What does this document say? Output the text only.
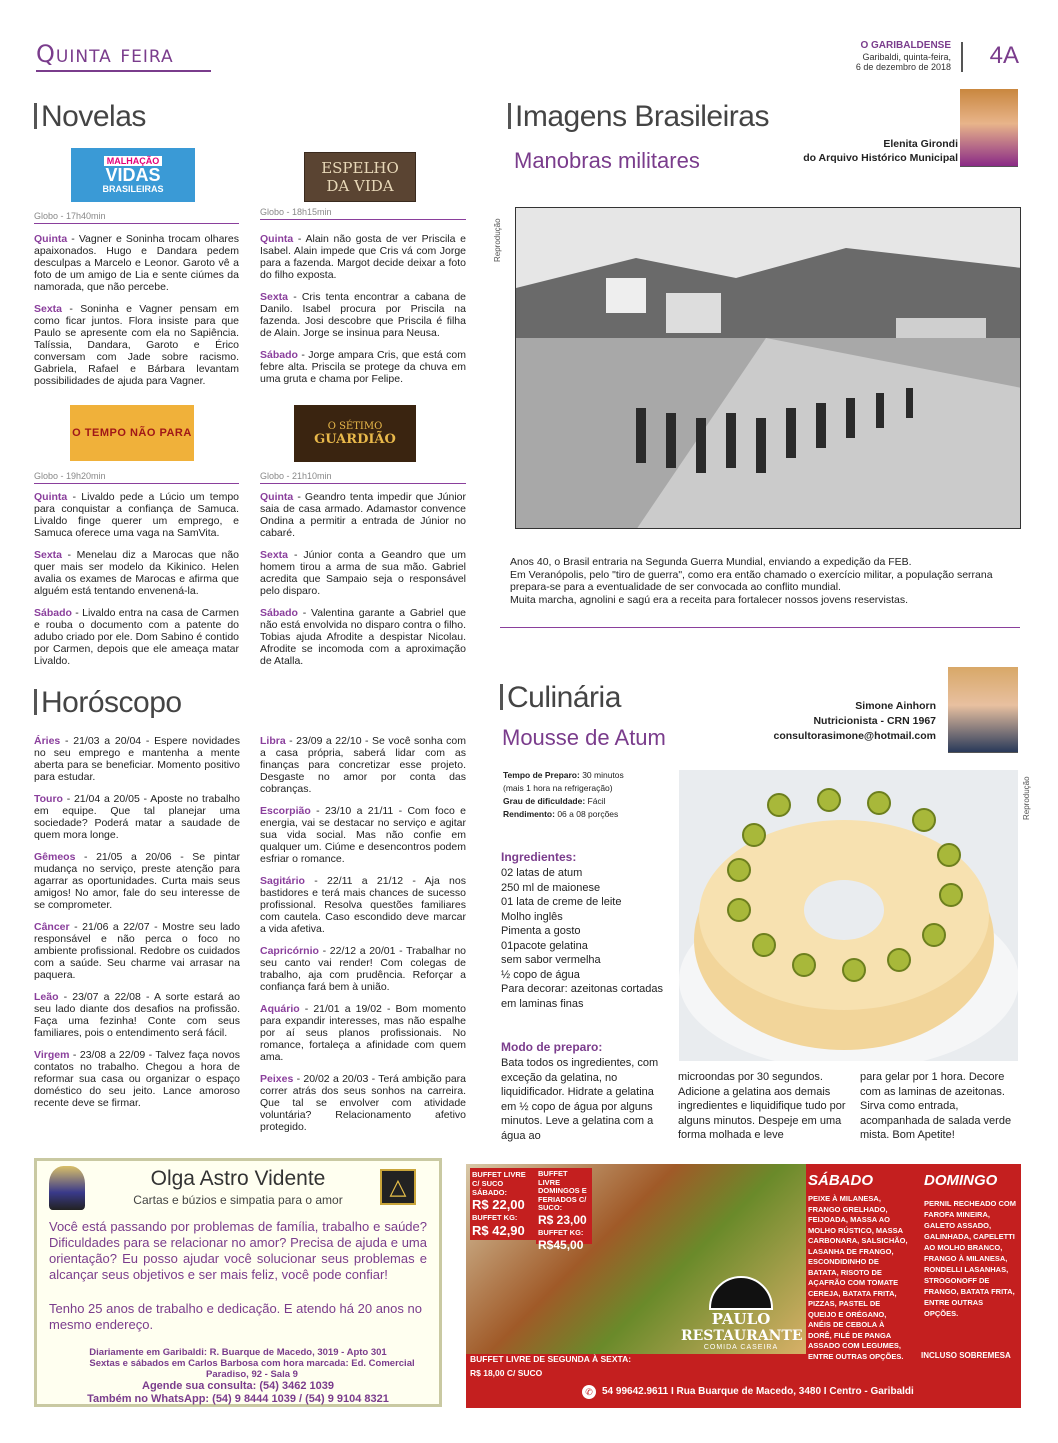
Quinta feira	O GARIBALDENSE
Garibaldi, quinta-feira,
6 de dezembro de 2018 4A
Novelas
MALHAÇÃO
VIDAS
BRASILEIRAS
Globo - 17h40min

Quinta - Vagner e Soninha trocam olhares apaixonados. Hugo e Dandara pedem desculpas a Marcelo e Leonor. Garoto vê a foto de um amigo de Lia e sente ciúmes da namorada, que não percebe.

Sexta - Soninha e Vagner pensam em como ficar juntos. Flora insiste para que Paulo se apresente com ela no Sapiência. Talíssia, Dandara, Garoto e Érico conversam com Jade sobre racismo. Gabriela, Rafael e Bárbara levantam possibilidades de ajuda para Vagner.

ESPELHO
DA VIDA
Globo - 18h15min

Quinta - Alain não gosta de ver Priscila e Isabel. Alain impede que Cris vá com Jorge para a fazenda. Margot decide deixar a foto do filho exposta.

Sexta - Cris tenta encontrar a cabana de Danilo. Isabel procura por Priscila na fazenda. Josi descobre que Priscila é filha de Alain. Jorge se insinua para Neusa.

Sábado - Jorge ampara Cris, que está com febre alta. Priscila se protege da chuva em uma gruta e chama por Felipe.

O TEMPO NÃO PARA
Globo - 19h20min

Quinta - Livaldo pede a Lúcio um tempo para conquistar a confiança de Samuca. Livaldo finge querer um emprego, e Samuca oferece uma vaga na SamVita.

Sexta - Menelau diz a Marocas que não quer mais ser modelo da Kikinico. Helen avalia os exames de Marocas e afirma que alguém está tentando envenená-la.

Sábado - Livaldo entra na casa de Carmen e rouba o documento com a patente do adubo criado por ele. Dom Sabino é contido por Carmen, depois que ele ameaça matar Livaldo.

O SÉTIMO
GUARDIÃO
Globo - 21h10min

Quinta - Geandro tenta impedir que Júnior saia de casa armado. Adamastor convence Ondina a permitir a entrada de Júnior no cabaré.

Sexta - Júnior conta a Geandro que um homem tirou a arma de sua mão. Gabriel acredita que Sampaio seja o responsável pelo disparo.

Sábado - Valentina garante a Gabriel que não está envolvida no disparo contra o filho. Tobias ajuda Afrodite a despistar Nicolau. Afrodite se incomoda com a aproximação de Atalla.

Horóscopo

Áries - 21/03 a 20/04 - Espere novidades no seu emprego e mantenha a mente aberta para se beneficiar. Momento positivo para estudar.

Touro - 21/04 a 20/05 - Aposte no trabalho em equipe. Que tal planejar uma sociedade? Poderá matar a saudade de quem mora longe.

Gêmeos - 21/05 a 20/06 - Se pintar mudança no serviço, preste atenção para agarrar as oportunidades. Curta mais seus amigos! No amor, fale do seu interesse de se comprometer.

Câncer - 21/06 a 22/07 - Mostre seu lado responsável e não perca o foco no ambiente profissional. Redobre os cuidados com a saúde. Seu charme vai arrasar na paquera.

Leão - 23/07 a 22/08 - A sorte estará ao seu lado diante dos desafios na profissão. Faça uma fezinha! Conte com seus familiares, pois o entendimento será fácil.

Virgem - 23/08 a 22/09 - Talvez faça novos contatos no trabalho. Chegou a hora de reformar sua casa ou organizar o espaço doméstico do seu jeito. Lance amoroso recente deve se firmar.

Libra - 23/09 a 22/10 - Se você sonha com a casa própria, saberá lidar com as finanças para concretizar esse projeto. Desgaste no amor por conta das cobranças.

Escorpião - 23/10 a 21/11 - Com foco e energia, vai se destacar no serviço e agitar sua vida social. Mas não confie em qualquer um. Ciúme e desencontros podem esfriar o romance.

Sagitário - 22/11 a 21/12 - Aja nos bastidores e terá mais chances de sucesso profissional. Resolva questões familiares com cautela. Caso escondido deve marcar a vida afetiva.

Capricórnio - 22/12 a 20/01 - Trabalhar no seu canto vai render! Com colegas de trabalho, aja com prudência. Reforçar a confiança fará bem à união.

Aquário - 21/01 a 19/02 - Bom momento para expandir interesses, mas não espalhe por aí seus planos profissionais. No romance, fortaleça a afinidade com quem ama.

Peixes - 20/02 a 20/03 - Terá ambição para correr atrás dos seus sonhos na carreira. Que tal se envolver com atividade voluntária? Relacionamento afetivo protegido.

Imagens Brasileiras
Manobras militares
Elenita Girondi
do Arquivo Histórico Municipal
Reprodução
Anos 40, o Brasil entraria na Segunda Guerra Mundial, enviando a expedição da FEB.
Em Veranópolis, pelo "tiro de guerra", como era então chamado o exercício militar, a população serrana prepara-se para a eventualidade de ser convocada ao conflito mundial.
Muita marcha, agnolini e sagú era a receita para fortalecer nossos jovens reservistas.
Culinária
Mousse de Atum
Simone Ainhorn
Nutricionista - CRN 1967
consultorasimone@hotmail.com
Tempo de Preparo: 30 minutos
(mais 1 hora na refrigeração)
Grau de dificuldade: Fácil
Rendimento: 06 a 08 porções
Ingredientes:
02 latas de atum
250 ml de maionese
01 lata de creme de leite
Molho inglês
Pimenta a gosto
01pacote gelatina
sem sabor vermelha
½ copo de água
Para decorar: azeitonas cortadas em laminas finas
Modo de preparo:
Bata todos os ingredientes, com exceção da gelatina, no liquidificador. Hidrate a gelatina em ½ copo de água por alguns minutos. Leve a gelatina com a água ao
microondas por 30 segundos. Adicione a gelatina aos demais ingredientes e liquidifique tudo por alguns minutos. Despeje em uma forma molhada e leve
para gelar por 1 hora. Decore com as laminas de azeitonas. Sirva como entrada, acompanhada de salada verde mista. Bom Apetite!
Reprodução
△
Olga Astro Vidente
Cartas e búzios e simpatia para o amor
Você está passando por problemas de família, trabalho e saúde? Dificuldades para se relacionar no amor? Precisa de ajuda e uma orientação? Eu posso ajudar você solucionar seus problemas e alcançar seus objetivos e ser mais feliz, você pode confiar!
Tenho 25 anos de trabalho e dedicação. E atendo há 20 anos no mesmo endereço.
Diariamente em Garibaldi: R. Buarque de Macedo, 3019 - Apto 301
Sextas e sábados em Carlos Barbosa com hora marcada: Ed. Comercial Paradiso, 92 - Sala 9
Agende sua consulta: (54) 3462 1039
Também no WhatsApp: (54) 9 8444 1039 / (54) 9 9104 8321
BUFFET LIVRE C/ SUCO SÁBADO:
R$ 22,00
BUFFET KG:
R$ 42,90
BUFFET LIVRE DOMINGOS E FERIADOS C/ SUCO:
R$ 23,00
BUFFET KG:
R$45,00
PAULO
RESTAURANTE
COMIDA CASEIRA
BUFFET LIVRE DE SEGUNDA À SEXTA:
R$ 18,00 C/ SUCO
SÁBADO
PEIXE À MILANESA, FRANGO GRELHADO, FEIJOADA, MASSA AO MOLHO RÚSTICO, MASSA CARBONARA, SALSICHÃO, LASANHA DE FRANGO, ESCONDIDINHO DE BATATA, RISOTO DE AÇAFRÃO COM TOMATE CEREJA, BATATA FRITA, PIZZAS, PASTEL DE QUEIJO E ORÉGANO, ANÉIS DE CEBOLA À DORÊ, FILÉ DE PANGA ASSADO COM LEGUMES, ENTRE OUTRAS OPÇÕES.
DOMINGO
PERNIL RECHEADO COM FAROFA MINEIRA, GALETO ASSADO, GALINHADA, CAPELETTI AO MOLHO BRANCO, FRANGO À MILANESA, RONDELLI LASANHAS, STROGONOFF DE FRANGO, BATATA FRITA, ENTRE OUTRAS OPÇÕES.
INCLUSO SOBREMESA
✆ 54 99642.9611 I Rua Buarque de Macedo, 3480 I Centro - Garibaldi
